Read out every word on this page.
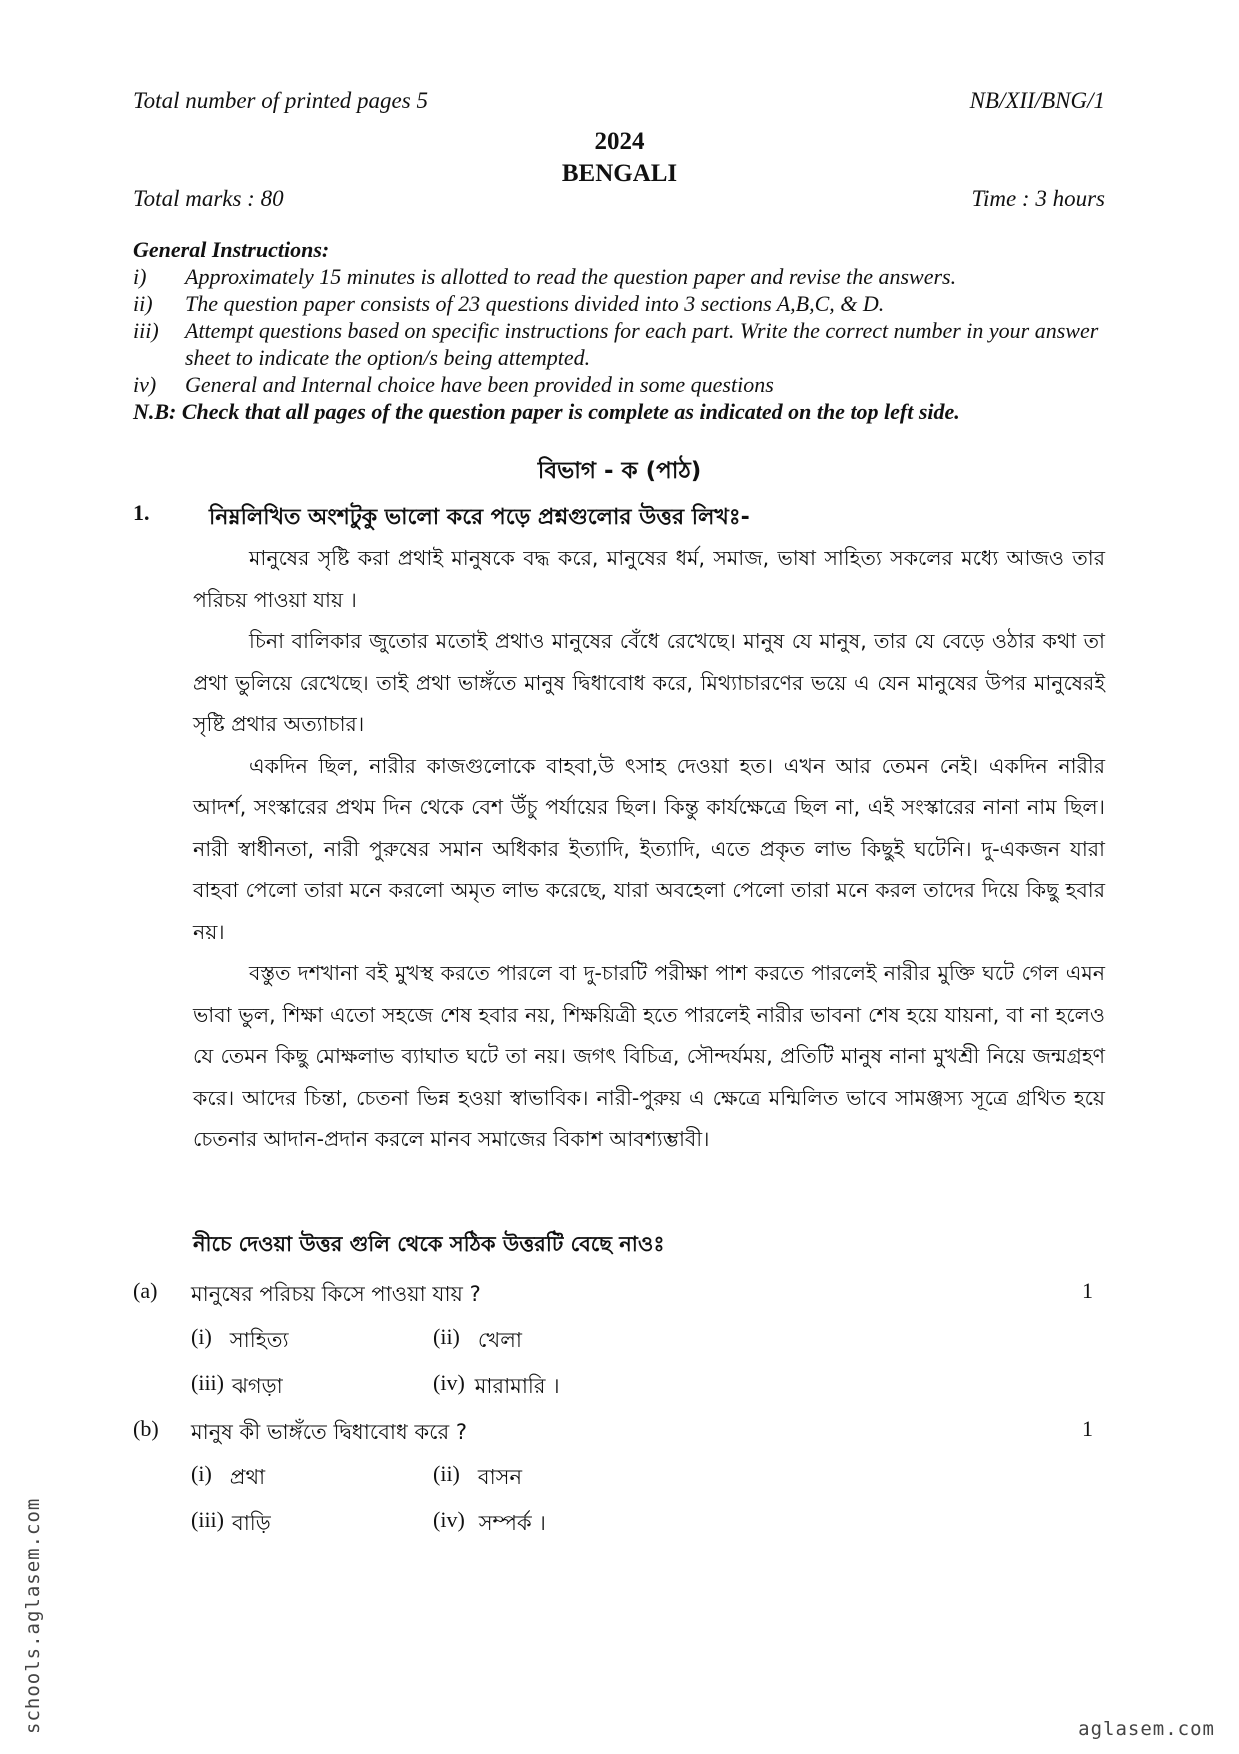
Total number of printed pages 5	NB/XII/BNG/1
2024
BENGALI
Total marks : 80	Time : 3 hours
General Instructions:
i)	Approximately 15 minutes is allotted to read the question paper and revise the answers.
ii)	The question paper consists of 23 questions divided into 3 sections A,B,C, & D.
iii)	Attempt questions based on specific instructions for each part. Write the correct number in your answer sheet to indicate the option/s being attempted.
iv)	General and Internal choice have been provided in some questions
N.B: Check that all pages of the question paper is complete as indicated on the top left side.
বিভাগ - ক (পাঠ)
1.	নিম্নলিখিত অংশটুকু ভালো করে পড়ে প্রশ্নগুলোর উত্তর লিখঃ-

মানুষের সৃষ্টি করা প্রথাই মানুষকে বদ্ধ করে, মানুষের ধর্ম, সমাজ, ভাষা সাহিত্য সকলের মধ্যে আজও তার পরিচয় পাওয়া যায় ।

চিনা বালিকার জুতোর মতোই প্রথাও মানুষের বেঁধে রেখেছে। মানুষ যে মানুষ, তার যে বেড়ে ওঠার কথা তা প্রথা ভুলিয়ে রেখেছে। তাই প্রথা ভাঙ্গঁতে মানুষ দ্বিধাবোধ করে, মিথ্যাচারণের ভয়ে এ যেন মানুষের উপর মানুষেরই সৃষ্টি প্রথার অত্যাচার।

একদিন ছিল, নারীর কাজগুলোকে বাহবা,উ ৎসাহ দেওয়া হত। এখন আর তেমন নেই। একদিন নারীর আদর্শ, সংস্কারের প্রথম দিন থেকে বেশ উঁচু পর্যায়ের ছিল। কিন্তু কার্যক্ষেত্রে ছিল না, এই সংস্কারের নানা নাম ছিল। নারী স্বাধীনতা, নারী পুরুষের সমান অধিকার ইত্যাদি, ইত্যাদি, এতে প্রকৃত লাভ কিছুই ঘটেনি। দু-একজন যারা বাহবা পেলো তারা মনে করলো অমৃত লাভ করেছে, যারা অবহেলা পেলো তারা মনে করল তাদের দিয়ে কিছু হবার নয়।

বস্তুত দশখানা বই মুখস্থ করতে পারলে বা দু-চারটি পরীক্ষা পাশ করতে পারলেই নারীর মুক্তি ঘটে গেল এমন ভাবা ভুল, শিক্ষা এতো সহজে শেষ হবার নয়, শিক্ষয়িত্রী হতে পারলেই নারীর ভাবনা শেষ হয়ে যায়না, বা না হলেও যে তেমন কিছু মোক্ষলাভ ব্যাঘাত ঘটে তা নয়। জগৎ বিচিত্র, সৌন্দর্যময়, প্রতিটি মানুষ নানা মুখশ্রী নিয়ে জন্মগ্রহণ করে। আদের চিন্তা, চেতনা ভিন্ন হওয়া স্বাভাবিক। নারী-পুরুয় এ ক্ষেত্রে মন্মিলিত ভাবে সামঞ্জস্য সূত্রে গ্রথিত হয়ে চেতনার আদান-প্রদান করলে মানব সমাজের বিকাশ আবশ্যম্ভাবী।

নীচে দেওয়া উত্তর গুলি থেকে সঠিক উত্তরটি বেছে নাওঃ
(a)	মানুষের পরিচয় কিসে পাওয়া যায় ?	1
(i) সাহিত্য	(ii) খেলা
(iii) ঝগড়া	(iv) মারামারি ।
(b)	মানুষ কী ভাঙ্গঁতে দ্বিধাবোধ করে ?	1
(i) প্রথা	(ii) বাসন
(iii) বাড়ি	(iv) সম্পর্ক ।
schools.aglasem.com	aglasem.com
